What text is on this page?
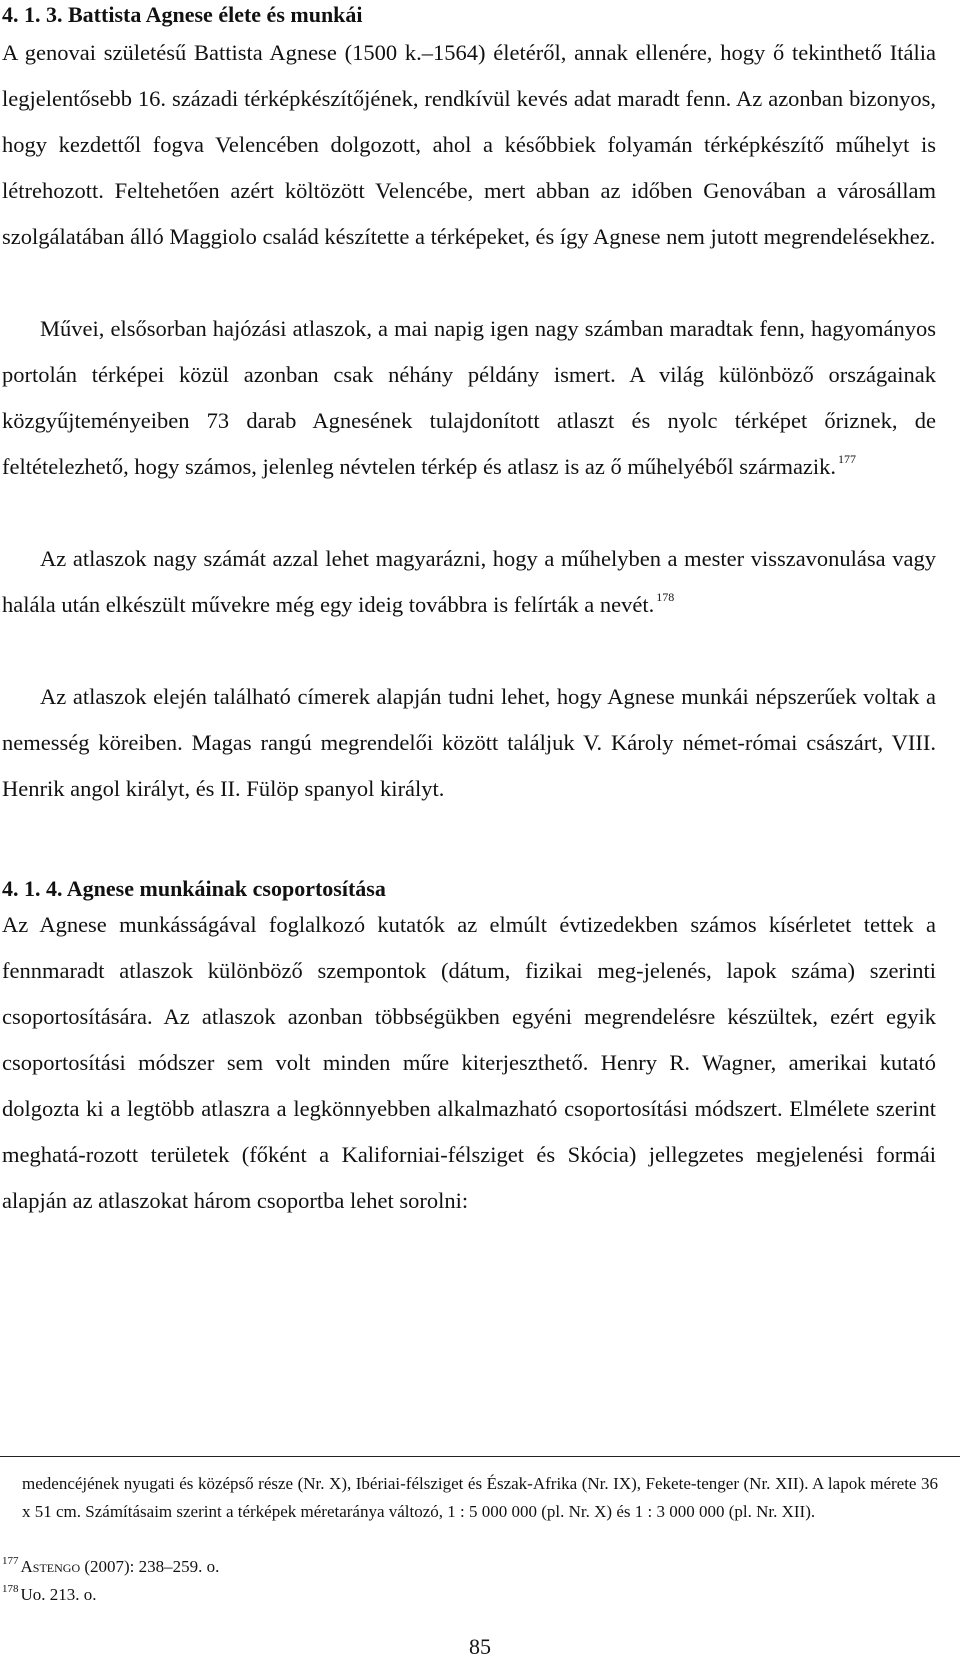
4. 1. 3. Battista Agnese élete és munkái

A genovai születésű Battista Agnese (1500 k.–1564) életéről, annak ellenére, hogy ő tekinthető Itália legjelentősebb 16. századi térképkészítőjének, rendkívül kevés adat maradt fenn. Az azonban bizonyos, hogy kezdettől fogva Velencében dolgozott, ahol a későbbiek folyamán térképkészítő műhelyt is létrehozott. Feltehetően azért költözött Velencébe, mert abban az időben Genovában a városállam szolgálatában álló Maggiolo család készítette a térképeket, és így Agnese nem jutott megrendelésekhez.

Művei, elsősorban hajózási atlaszok, a mai napig igen nagy számban maradtak fenn, hagyományos portolán térképei közül azonban csak néhány példány ismert. A világ különböző országainak közgyűjteményeiben 73 darab Agnesének tulajdonított atlaszt és nyolc térképet őriznek, de feltételezhető, hogy számos, jelenleg névtelen térkép és atlasz is az ő műhelyéből származik. $^{177}$

Az atlaszok nagy számát azzal lehet magyarázni, hogy a műhelyben a mester visszavonulása vagy halála után elkészült művekre még egy ideig továbbra is felírták a nevét. $^{178}$

Az atlaszok elején található címerek alapján tudni lehet, hogy Agnese munkái népszerűek voltak a nemesség köreiben. Magas rangú megrendelői között találjuk V. Károly német-római császárt, VIII. Henrik angol királyt, és II. Fülöp spanyol királyt.

4. 1. 4. Agnese munkáinak csoportosítása

Az Agnese munkásságával foglalkozó kutatók az elmúlt évtizedekben számos kísérletet tettek a fennmaradt atlaszok különböző szempontok (dátum, fizikai meg-jelenés, lapok száma) szerinti csoportosítására. Az atlaszok azonban többségükben egyéni megrendelésre készültek, ezért egyik csoportosítási módszer sem volt minden műre kiterjeszthető. Henry R. Wagner, amerikai kutató dolgozta ki a legtöbb atlaszra a legkönnyebben alkalmazható csoportosítási módszert. Elmélete szerint meghatá-rozott területek (főként a Kaliforniai-félsziget és Skócia) jellegzetes megjelenési formái alapján az atlaszokat három csoportba lehet sorolni:

medencéjének nyugati és középső része (Nr. X), Ibériai-félsziget és Észak-Afrika (Nr. IX), Fekete-tenger (Nr. XII). A lapok mérete 36 x 51 cm. Számításaim szerint a térképek méretaránya változó, 1 : 5 000 000 (pl. Nr. X) és 1 : 3 000 000 (pl. Nr. XII).

$^{177}$ Astengo (2007): 238–259. o.
$^{178}$ Uo. 213. o.
85
